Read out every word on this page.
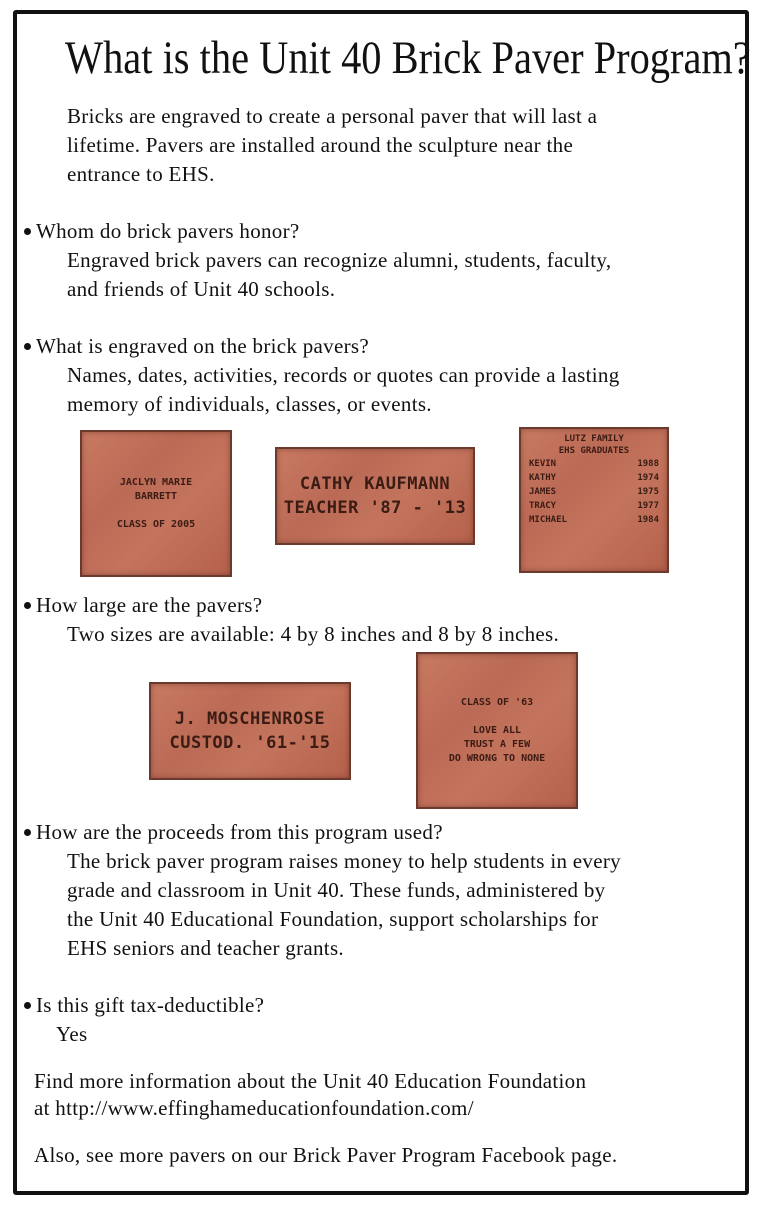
What is the Unit 40 Brick Paver Program?
Bricks are engraved to create a personal paver that will last a
lifetime. Pavers are installed around the sculpture near the
entrance to EHS.
Whom do brick pavers honor?
Engraved brick pavers can recognize alumni, students, faculty,
and friends of Unit 40 schools.
What is engraved on the brick pavers?
Names, dates, activities, records or quotes can provide a lasting
memory of individuals, classes, or events.
JACLYN MARIE
BARRETT

CLASS OF 2005
CATHY KAUFMANN
TEACHER '87 - '13
LUTZ FAMILY
EHS GRADUATES
KEVIN	1988
KATHY	1974
JAMES	1975
TRACY	1977
MICHAEL	1984
How large are the pavers?
Two sizes are available: 4 by 8 inches and 8 by 8 inches.
J. MOSCHENROSE
CUSTOD. '61-'15
CLASS OF '63

LOVE ALL
TRUST A FEW
DO WRONG TO NONE
How are the proceeds from this program used?
The brick paver program raises money to help students in every
grade and classroom in Unit 40. These funds, administered by
the Unit 40 Educational Foundation, support scholarships for
EHS seniors and teacher grants.
Is this gift tax-deductible?
Yes
Find more information about the Unit 40 Education Foundation
at http://www.effinghameducationfoundation.com/
Also, see more pavers on our Brick Paver Program Facebook page.
